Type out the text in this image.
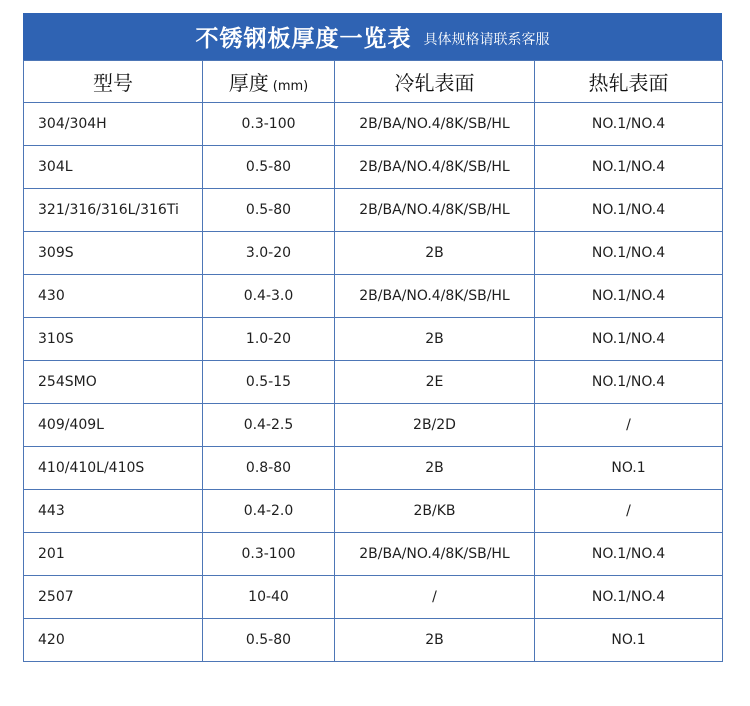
不锈钢板厚度一览表 具体规格请联系客服
型号	厚度 (mm)	冷轧表面	热轧表面
304/304H	0.3-100	2B/BA/NO.4/8K/SB/HL	NO.1/NO.4
304L	0.5-80	2B/BA/NO.4/8K/SB/HL	NO.1/NO.4
321/316/316L/316Ti	0.5-80	2B/BA/NO.4/8K/SB/HL	NO.1/NO.4
309S	3.0-20	2B	NO.1/NO.4
430	0.4-3.0	2B/BA/NO.4/8K/SB/HL	NO.1/NO.4
310S	1.0-20	2B	NO.1/NO.4
254SMO	0.5-15	2E	NO.1/NO.4
409/409L	0.4-2.5	2B/2D	/
410/410L/410S	0.8-80	2B	NO.1
443	0.4-2.0	2B/KB	/
201	0.3-100	2B/BA/NO.4/8K/SB/HL	NO.1/NO.4
2507	10-40	/	NO.1/NO.4
420	0.5-80	2B	NO.1
